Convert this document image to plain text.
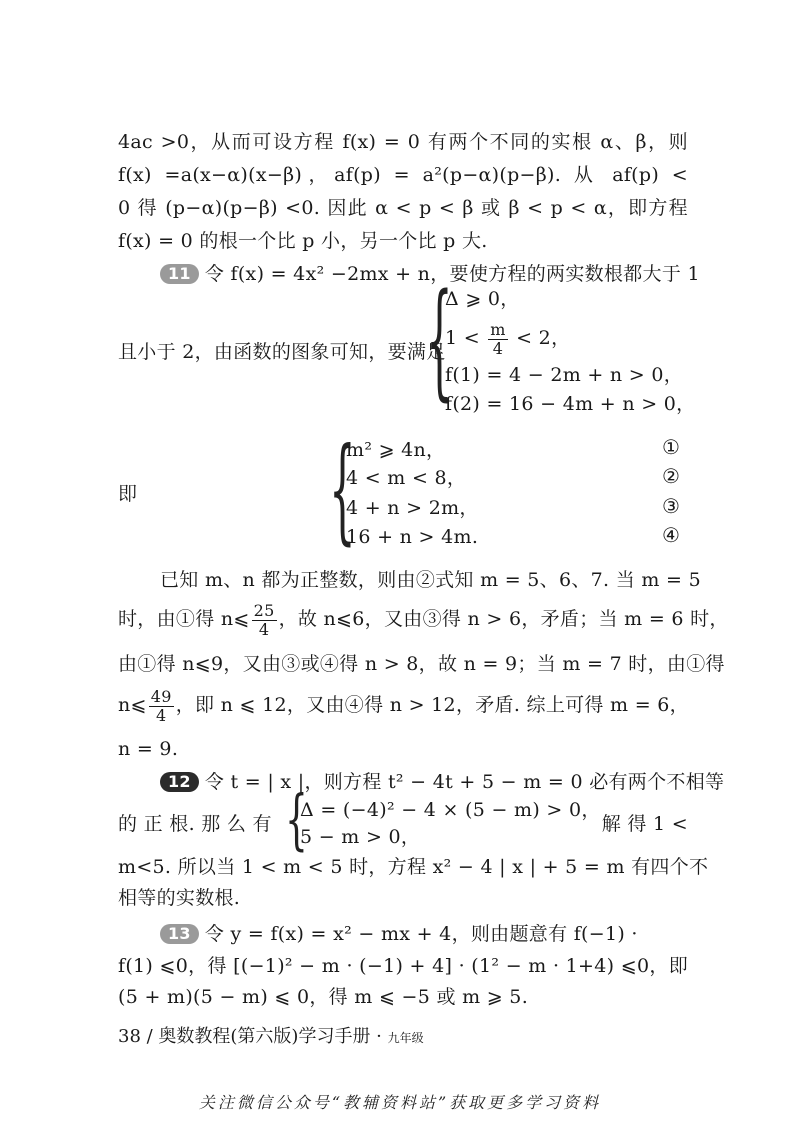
4ac >0，从而可设方程 f(x) = 0 有两个不同的实根 α、β，则
f(x) =a(x−α)(x−β)，af(p) = a²(p−α)(p−β). 从 af(p) <
0 得 (p−α)(p−β) <0. 因此 α < p < β 或 β < p < α，即方程
f(x) = 0 的根一个比 p 小，另一个比 p 大.
11 令 f(x) = 4x² −2mx + n，要使方程的两实数根都大于 1
且小于 2，由函数的图象可知，要满足
{
Δ ⩾ 0，
$1 < \frac{m}{4} < 2$，
f(1) = 4 − 2m + n > 0，
f(2) = 16 − 4m + n > 0，
即 {
m² ⩾ 4n，
4 < m < 8，
4 + n > 2m，
16 + n > 4m.
①
②
③
④
已知 m、n 都为正整数，则由②式知 m = 5、6、7. 当 m = 5
时，由①得 n⩽ $\frac{25}{4}$ ，故 n⩽6，又由③得 n > 6，矛盾；当 m = 6 时，
由①得 n⩽9，又由③或④得 n > 8，故 n = 9；当 m = 7 时，由①得
n⩽ $\frac{49}{4}$ ，即 n ⩽ 12，又由④得 n > 12，矛盾. 综上可得 m = 6，
n = 9.
12 令 t = | x |，则方程 t² − 4t + 5 − m = 0 必有两个不相等
的 正 根. 那 么 有 {
Δ = (−4)² − 4 × (5 − m) > 0，
5 − m > 0，
解 得 1 <
m<5. 所以当 1 < m < 5 时，方程 x² − 4 | x | + 5 = m 有四个不
相等的实数根.
13 令 y = f(x) = x² − mx + 4，则由题意有 f(−1) ·
f(1) ⩽0，得 [(−1)² − m · (−1) + 4] · (1² − m · 1+4) ⩽0，即
(5 + m)(5 − m) ⩽ 0，得 m ⩽ −5 或 m ⩾ 5.
38 / 奥数教程(第六版)学习手册 · 九年级
关注微信公众号“教辅资料站”获取更多学习资料
